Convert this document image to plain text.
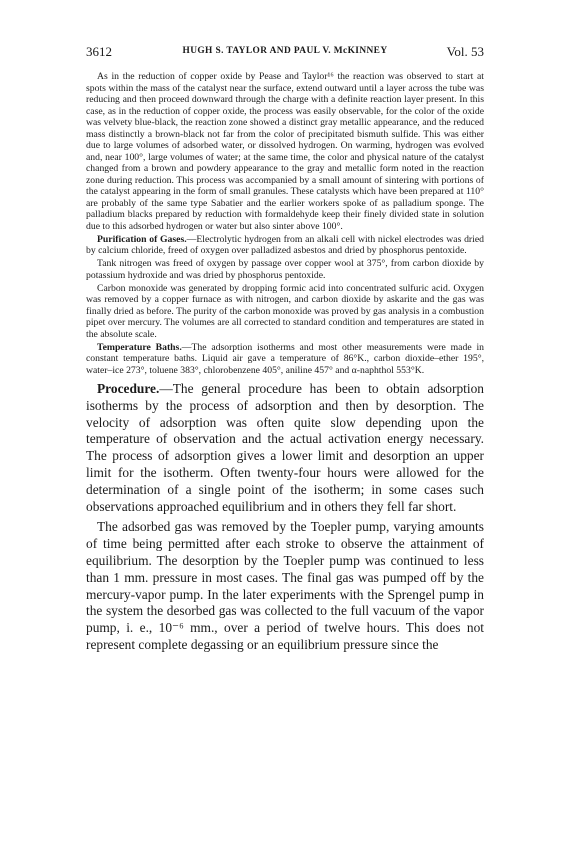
3612	HUGH S. TAYLOR AND PAUL V. McKINNEY	Vol. 53

As in the reduction of copper oxide by Pease and Taylor¹⁶ the reaction was observed to start at spots within the mass of the catalyst near the surface, extend outward until a layer across the tube was reducing and then proceed downward through the charge with a definite reaction layer present. In this case, as in the reduction of copper oxide, the process was easily observable, for the color of the oxide was velvety blue-black, the reaction zone showed a distinct gray metallic appearance, and the reduced mass distinctly a brown-black not far from the color of precipitated bismuth sulfide. This was either due to large volumes of adsorbed water, or dissolved hydrogen. On warming, hydrogen was evolved and, near 100°, large volumes of water; at the same time, the color and physical nature of the catalyst changed from a brown and powdery appearance to the gray and metallic form noted in the reaction zone during reduction. This process was accompanied by a small amount of sintering with portions of the catalyst appearing in the form of small granules. These catalysts which have been prepared at 110° are probably of the same type Sabatier and the earlier workers spoke of as palladium sponge. The palladium blacks prepared by reduction with formaldehyde keep their finely divided state in solution due to this adsorbed hydrogen or water but also sinter above 100°.

Purification of Gases.—Electrolytic hydrogen from an alkali cell with nickel electrodes was dried by calcium chloride, freed of oxygen over palladized asbestos and dried by phosphorus pentoxide.

Tank nitrogen was freed of oxygen by passage over copper wool at 375°, from carbon dioxide by potassium hydroxide and was dried by phosphorus pentoxide.

Carbon monoxide was generated by dropping formic acid into concentrated sulfuric acid. Oxygen was removed by a copper furnace as with nitrogen, and carbon dioxide by askarite and the gas was finally dried as before. The purity of the carbon monoxide was proved by gas analysis in a combustion pipet over mercury. The volumes are all corrected to standard condition and temperatures are stated in the absolute scale.

Temperature Baths.—The adsorption isotherms and most other measurements were made in constant temperature baths. Liquid air gave a temperature of 86°K., carbon dioxide–ether 195°, water–ice 273°, toluene 383°, chlorobenzene 405°, aniline 457° and α-naphthol 553°K.

Procedure.—The general procedure has been to obtain adsorption isotherms by the process of adsorption and then by desorption. The velocity of adsorption was often quite slow depending upon the temperature of observation and the actual activation energy necessary. The process of adsorption gives a lower limit and desorption an upper limit for the isotherm. Often twenty-four hours were allowed for the determination of a single point of the isotherm; in some cases such observations approached equilibrium and in others they fell far short.

The adsorbed gas was removed by the Toepler pump, varying amounts of time being permitted after each stroke to observe the attainment of equilibrium. The desorption by the Toepler pump was continued to less than 1 mm. pressure in most cases. The final gas was pumped off by the mercury-vapor pump. In the later experiments with the Sprengel pump in the system the desorbed gas was collected to the full vacuum of the vapor pump, i. e., 10⁻⁶ mm., over a period of twelve hours. This does not represent complete degassing or an equilibrium pressure since the
